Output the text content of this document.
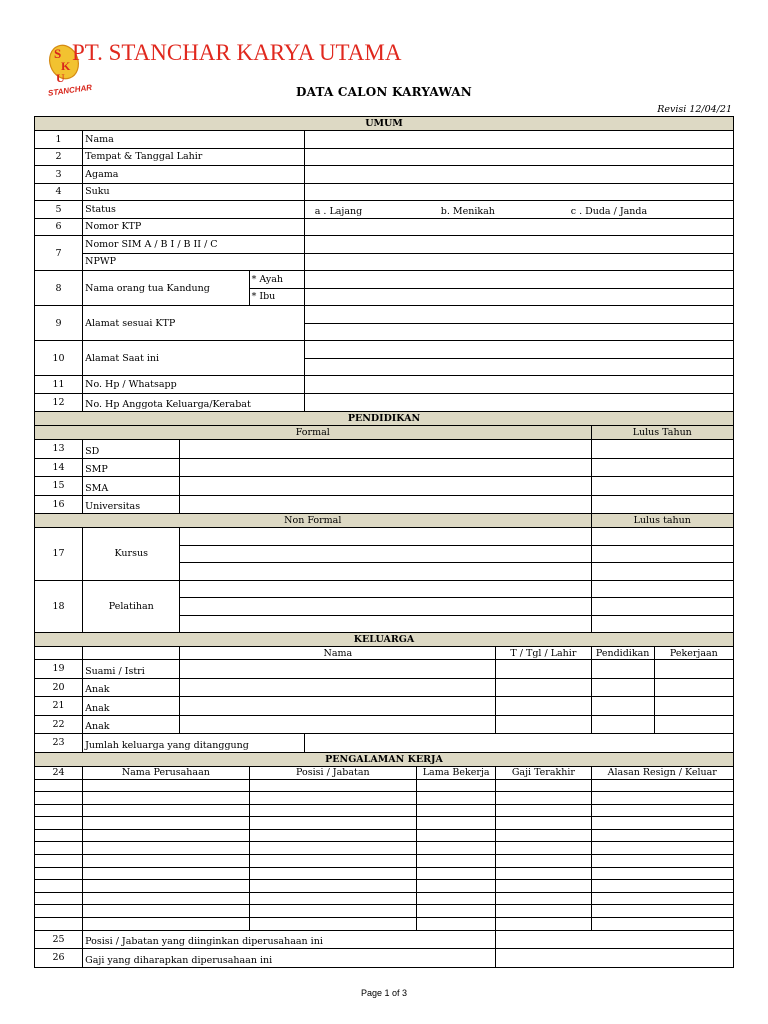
S
K
U
STANCHAR
PT. STANCHAR KARYA UTAMA
DATA CALON KARYAWAN
Revisi 12/04/21
UMUM								
1	Nama							
2	Tempat & Tanggal Lahir							
3	Agama							
4	Suku							
5	Status			a . Lajang b. Menikah c . Duda / Janda				

6	Nomor KTP							
7	Nomor SIM A / B I / B II / C							
	NPWP							
8	Nama orang tua Kandung		* Ayah					
			* Ibu					
9	Alamat sesuai KTP							

10	Alamat Saat ini							

11	No. Hp / Whatsapp							
12	No. Hp Anggota Keluarga/Kerabat							
PENDIDIKAN								
Formal							Lulus Tahun	
13	SD							
14	SMP							
15	SMA							
16	Universitas							
Non Formal							Lulus tahun	
17	Kursus							

18	Pelatihan							

KELUARGA								
		Nama				T / Tgl / Lahir	Pendidikan	Pekerjaan
19	Suami / Istri							
20	Anak							
21	Anak							
22	Anak							
23	Jumlah keluarga yang ditanggung							
PENGALAMAN KERJA								
24	Nama Perusahaan		Posisi / Jabatan		Lama Bekerja	Gaji Terakhir	Alasan Resign / Keluar	

25	Posisi / Jabatan yang diinginkan diperusahaan ini							
26	Gaji yang diharapkan diperusahaan ini							
Page 1 of 3
